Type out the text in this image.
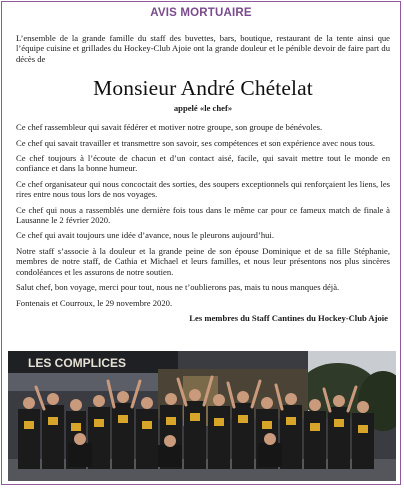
AVIS MORTUAIRE

L’ensemble de la grande famille du staff des buvettes, bars, boutique, restaurant de la tente ainsi que l’équipe cuisine et grillades du Hockey-Club Ajoie ont la grande douleur et le pénible devoir de faire part du décès de

Monsieur André Chételat
appelé «le chef»

Ce chef rassembleur qui savait fédérer et motiver notre groupe, son groupe de bénévoles.

Ce chef qui savait travailler et transmettre son savoir, ses compétences et son expérience avec nous tous.

Ce chef toujours à l’écoute de chacun et d’un contact aisé, facile, qui savait mettre tout le monde en confiance et dans la bonne humeur.

Ce chef organisateur qui nous concoctait des sorties, des soupers exceptionnels qui renforçaient les liens, les rires entre nous tous lors de nos voyages.

Ce chef qui nous a rassemblés une dernière fois tous dans le même car pour ce fameux match de finale à Lausanne le 2 février 2020.

Ce chef qui avait toujours une idée d’avance, nous le pleurons aujourd’hui.

Notre staff s’associe à la douleur et la grande peine de son épouse Dominique et de sa fille Stéphanie, membres de notre staff, de Cathia et Michael et leurs familles, et nous leur présentons nos plus sincères condoléances et les assurons de notre soutien.

Salut chef, bon voyage, merci pour tout, nous ne t’oublierons pas, mais tu nous manques déjà.

Fontenais et Courroux, le 29 novembre 2020.

Les membres du Staff Cantines du Hockey-Club Ajoie
LES COMPLICES
